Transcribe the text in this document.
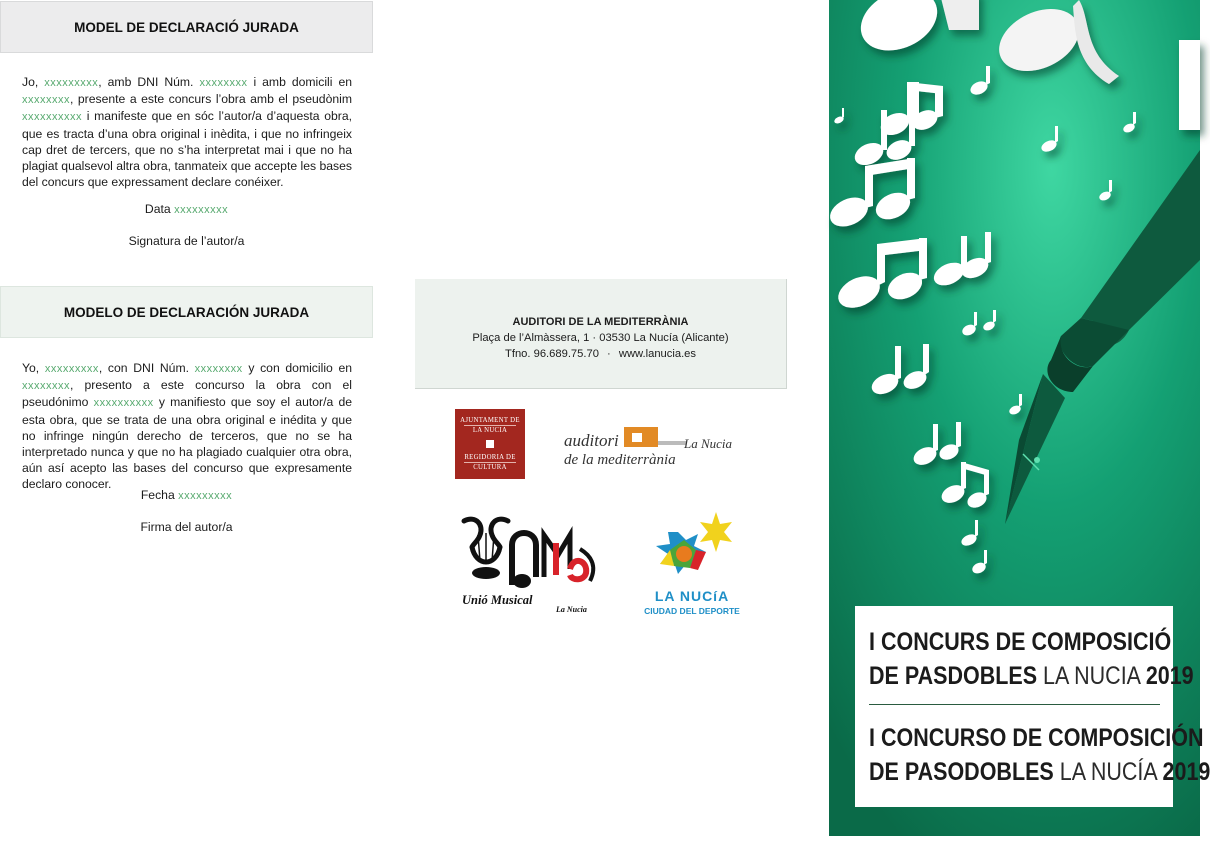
MODEL DE DECLARACIÓ JURADA
Jo, xxxxxxxxx, amb DNI Núm. xxxxxxxx i amb domicili en xxxxxxxx, presente a este concurs l’obra amb el pseudònim xxxxxxxxxx i manifeste que en sóc l’autor/a d’aquesta obra, que es tracta d’una obra original i inèdita, i que no infringeix cap dret de tercers, que no s’ha interpretat mai i que no ha plagiat qualsevol altra obra, tanmateix que accepte les bases del concurs que expressament declare conéixer.
Data xxxxxxxxx
Signatura de l’autor/a
MODELO DE DECLARACIÓN JURADA
Yo, xxxxxxxxx, con DNI Núm. xxxxxxxx y con domicilio en xxxxxxxx, presento a este concurso la obra con el pseudónimo xxxxxxxxxx y manifiesto que soy el autor/a de esta obra, que se trata de una obra original e inédita y que no infringe ningún derecho de terceros, que no se ha interpretado nunca y que no ha plagiado cualquier otra obra, aún así acepto las bases del concurso que expresamente declaro conocer.
Fecha xxxxxxxxx
Firma del autor/a
AUDITORI DE LA MEDITERRÀNIA
Plaça de l’Almàssera, 1 · 03530 La Nucía (Alicante)
Tfno. 96.689.75.70 · www.lanucia.es
AJUNTAMENT DE
LA NUCIA
REGIDORIA DE
CULTURA
auditori
de la mediterrània
La Nucia
Unió Musical
La Nucia
LA NUCíA
CIUDAD DEL DEPORTE
I CONCURS DE COMPOSICIÓ
DE PASDOBLES LA NUCIA 2019
I CONCURSO DE COMPOSICIÓN
DE PASODOBLES LA NUCÍA 2019
